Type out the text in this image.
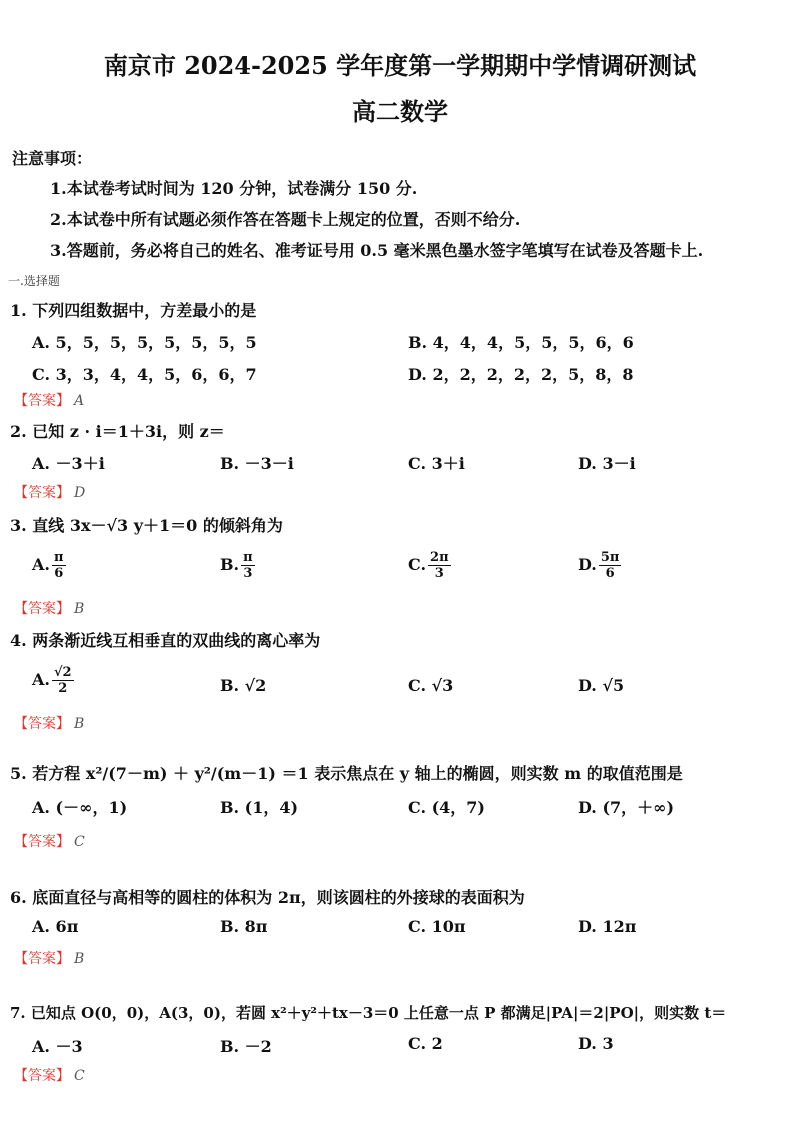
南京市 2024-2025 学年度第一学期期中学情调研测试
高二数学
注意事项：
1.本试卷考试时间为 120 分钟，试卷满分 150 分.
2.本试卷中所有试题必须作答在答题卡上规定的位置，否则不给分.
3.答题前，务必将自己的姓名、准考证号用 0.5 毫米黑色墨水签字笔填写在试卷及答题卡上.
一.选择题
1. 下列四组数据中，方差最小的是
A. 5，5，5，5，5，5，5，5	B. 4，4，4，5，5，5，6，6
C. 3，3，4，4，5，6，6，7	D. 2，2，2，2，2，5，8，8
【答案】 A
2. 已知 z · i＝1＋3i，则 z＝
A. －3＋i	B. －3－i	C. 3＋i	D. 3－i
【答案】 D
3. 直线 3x－√3 y＋1＝0 的倾斜角为
A. $\frac{\pi}{6}$	B. $\frac{\pi}{3}$	C. $\frac{2\pi}{3}$	D. $\frac{5\pi}{6}$
【答案】 B
4. 两条渐近线互相垂直的双曲线的离心率为
A. $\frac{√2}{2}$	B. √2	C. √3	D. √5
【答案】 B
5. 若方程 x²/(7－m) ＋ y²/(m－1) ＝1 表示焦点在 y 轴上的椭圆，则实数 m 的取值范围是
A. (－∞，1)	B. (1，4)	C. (4，7)	D. (7，＋∞)
【答案】 C
6. 底面直径与高相等的圆柱的体积为 2π，则该圆柱的外接球的表面积为
A. 6π	B. 8π	C. 10π	D. 12π
【答案】 B
7. 已知点 O(0，0)，A(3，0)，若圆 x²＋y²＋tx－3＝0 上任意一点 P 都满足|PA|＝2|PO|，则实数 t＝
A. －3	B. －2	C. 2	D. 3
【答案】 C
